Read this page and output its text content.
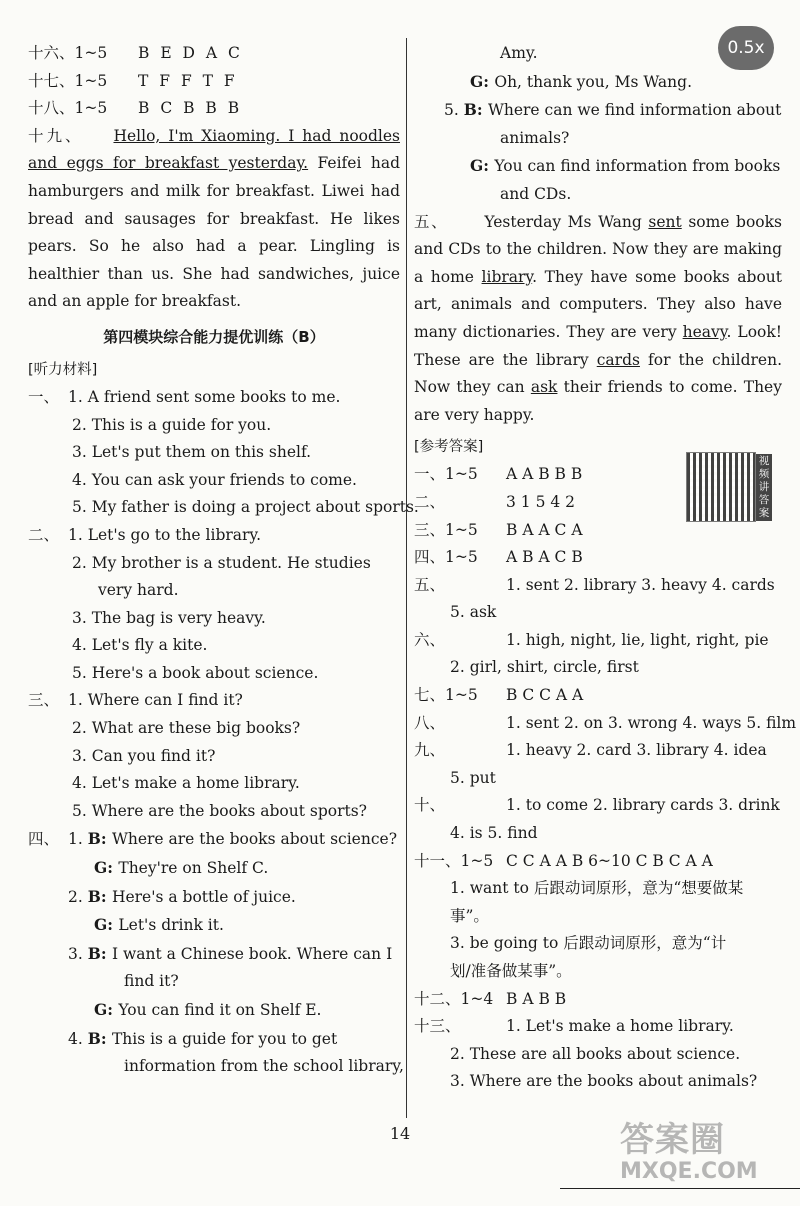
0.5x
十六、1~5 B E D A C
十七、1~5 T F F T F
十八、1~5 B C B B B
十九、 Hello, I'm Xiaoming. I had noodles and eggs for breakfast yesterday. Feifei had hamburgers and milk for breakfast. Liwei had bread and sausages for breakfast. He likes pears. So he also had a pear. Lingling is healthier than us. She had sandwiches, juice and an apple for breakfast.
第四模块综合能力提优训练（B）
[听力材料]
一、 1. A friend sent some books to me.
2. This is a guide for you.
3. Let's put them on this shelf.
4. You can ask your friends to come.
5. My father is doing a project about sports.
二、 1. Let's go to the library.
2. My brother is a student. He studies
very hard.
3. The bag is very heavy.
4. Let's fly a kite.
5. Here's a book about science.
三、 1. Where can I find it?
2. What are these big books?
3. Can you find it?
4. Let's make a home library.
5. Where are the books about sports?
四、 1. B: Where are the books about science?
G: They're on Shelf C.
2. B: Here's a bottle of juice.
G: Let's drink it.
3. B: I want a Chinese book. Where can I
find it?
G: You can find it on Shelf E.
4. B: This is a guide for you to get
information from the school library,
Amy.
G: Oh, thank you, Ms Wang.
5. B: Where can we find information about
animals?
G: You can find information from books
and CDs.
五、 Yesterday Ms Wang sent some books and CDs to the children. Now they are making a home library. They have some books about art, animals and computers. They also have many dictionaries. They are very heavy. Look! These are the library cards for the children. Now they can ask their friends to come. They are very happy.
[参考答案]
一、1~5 A A B B B
二、	3 1 5 4 2
三、1~5 B A A C A
四、1~5 A B A C B
五、	1. sent 2. library 3. heavy 4. cards
5. ask
六、	1. high, night, lie, light, right, pie
2. girl, shirt, circle, first
七、1~5 B C C A A
八、	1. sent 2. on 3. wrong 4. ways 5. film
九、	1. heavy 2. card 3. library 4. idea
5. put
十、	1. to come 2. library cards 3. drink
4. is 5. find
十一、1~5 C C A A B 6~10 C B C A A
1. want to 后跟动词原形，意为“想要做某
事”。
3. be going to 后跟动词原形，意为“计
划/准备做某事”。
十二、1~4 B A B B
十三、	1. Let's make a home library.
2. These are all books about science.
3. Where are the books about animals?
视频讲答案
14	答案圈
MXQE.COM
